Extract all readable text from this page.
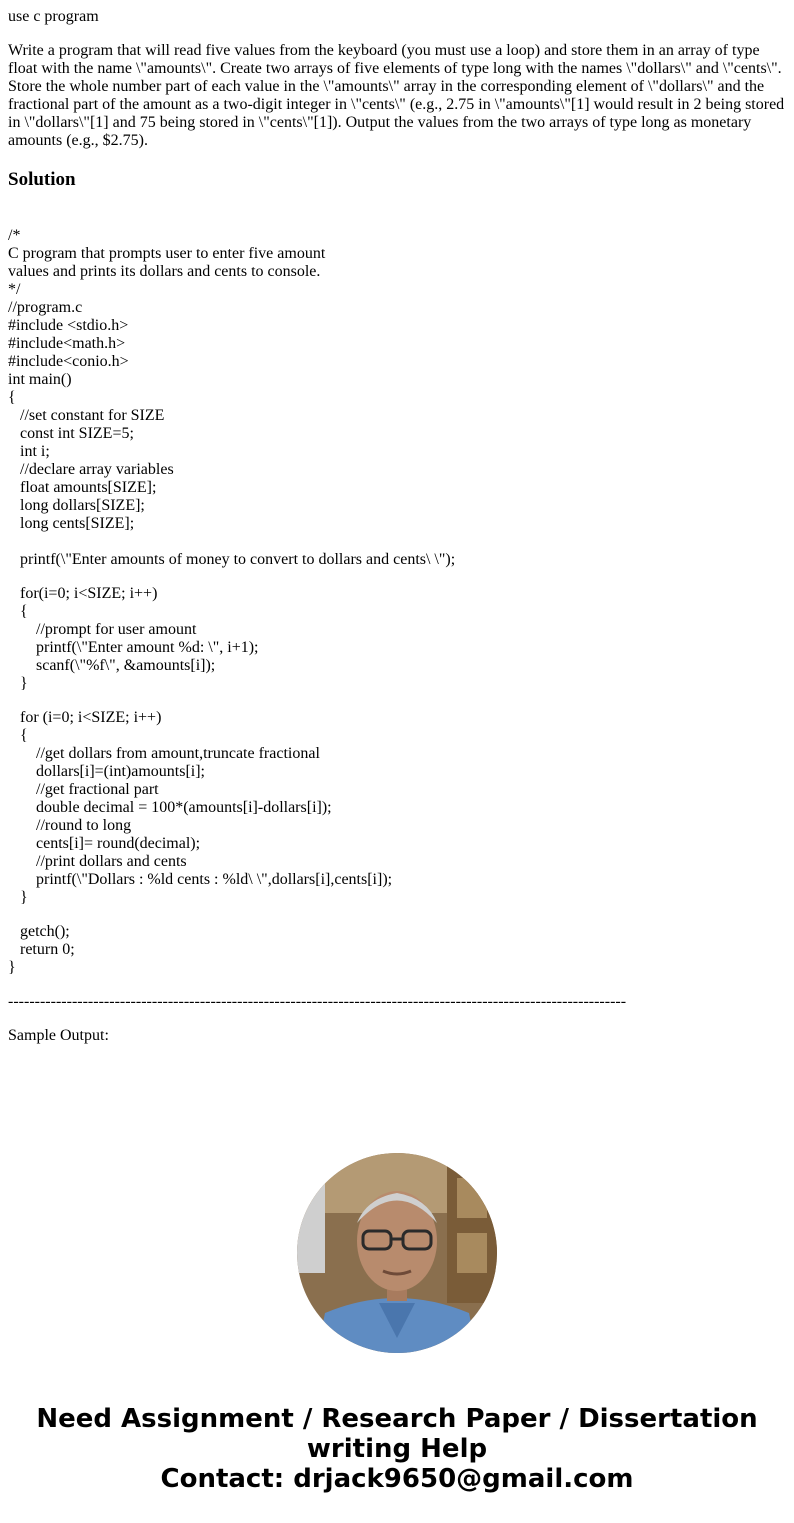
use c program
Write a program that will read five values from the keyboard (you must use a loop) and store them in an array of type float with the name \"amounts\". Create two arrays of five elements of type long with the names \"dollars\" and \"cents\". Store the whole number part of each value in the \"amounts\" array in the corresponding element of \"dollars\" and the fractional part of the amount as a two-digit integer in \"cents\" (e.g., 2.75 in \"amounts\"[1] would result in 2 being stored in \"dollars\"[1] and 75 being stored in \"cents\"[1]). Output the values from the two arrays of type long as monetary amounts (e.g., $2.75).
Solution
/*
C program that prompts user to enter five amount
values and prints its dollars and cents to console.
*/
//program.c
#include <stdio.h>
#include<math.h>
#include<conio.h>
int main()
{
//set constant for SIZE
const int SIZE=5;
int i;
//declare array variables
float amounts[SIZE];
long dollars[SIZE];
long cents[SIZE];
printf(\"Enter amounts of money to convert to dollars and cents\ \");
for(i=0; i<SIZE; i++)
{
//prompt for user amount
printf(\"Enter amount %d: \", i+1);
scanf(\"%f\", &amounts[i]);
}
for (i=0; i<SIZE; i++)
{
//get dollars from amount,truncate fractional
dollars[i]=(int)amounts[i];
//get fractional part
double decimal = 100*(amounts[i]-dollars[i]);
//round to long
cents[i]= round(decimal);
//print dollars and cents
printf(\"Dollars : %ld cents : %ld\ \",dollars[i],cents[i]);
}
getch();
return 0;
}
--------------------------------------------------------------------------------------------------------------------
Sample Output:
Need Assignment / Research Paper / Dissertation
writing Help
Contact: drjack9650@gmail.com
